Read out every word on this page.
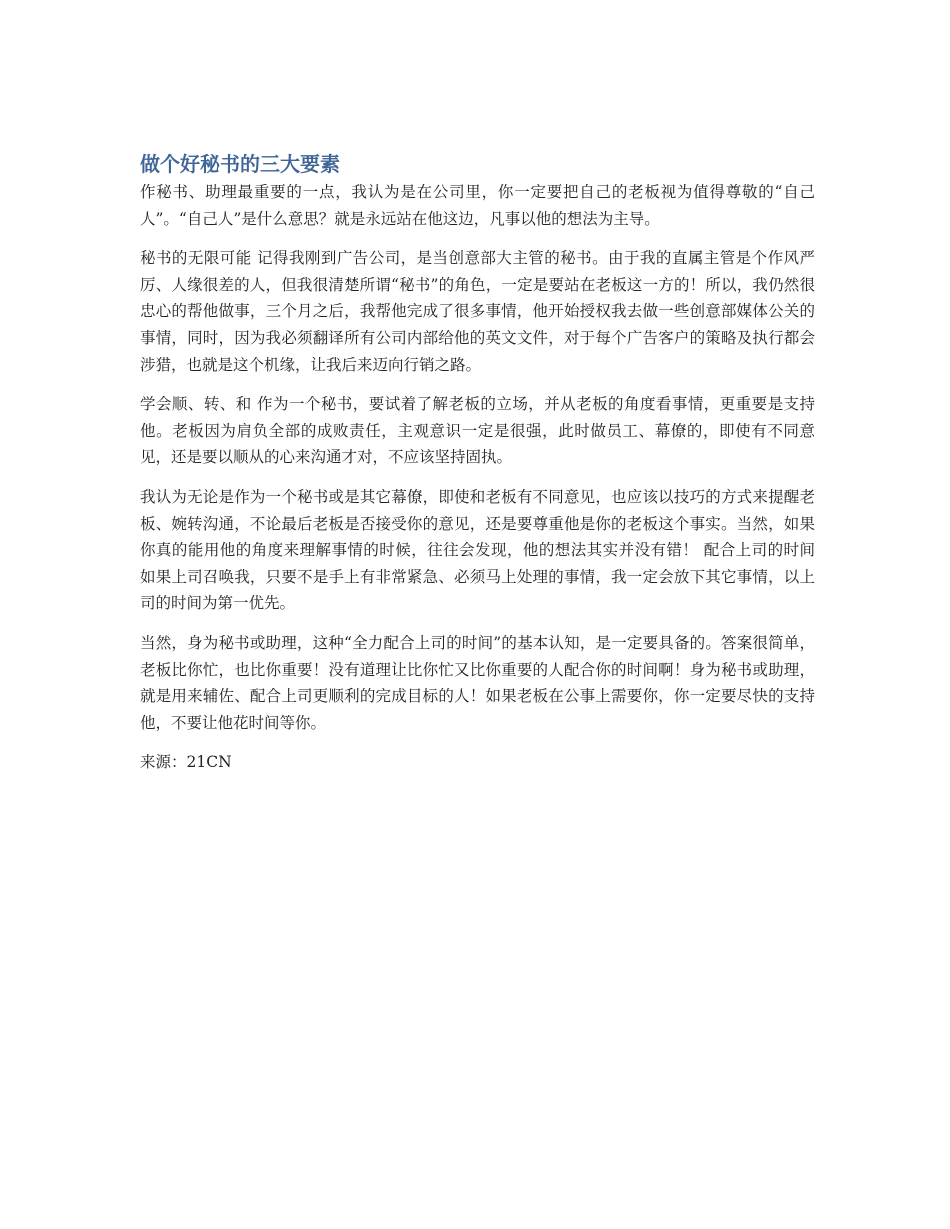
做个好秘书的三大要素

作秘书、助理最重要的一点，我认为是在公司里，你一定要把自己的老板视为值得尊敬的“自己人”。“自己人”是什么意思？就是永远站在他这边，凡事以他的想法为主导。

秘书的无限可能 记得我刚到广告公司，是当创意部大主管的秘书。由于我的直属主管是个作风严厉、人缘很差的人，但我很清楚所谓“秘书”的角色，一定是要站在老板这一方的！所以，我仍然很忠心的帮他做事，三个月之后，我帮他完成了很多事情，他开始授权我去做一些创意部媒体公关的事情，同时，因为我必须翻译所有公司内部给他的英文文件，对于每个广告客户的策略及执行都会涉猎，也就是这个机缘，让我后来迈向行销之路。

学会顺、转、和 作为一个秘书，要试着了解老板的立场，并从老板的角度看事情，更重要是支持他。老板因为肩负全部的成败责任，主观意识一定是很强，此时做员工、幕僚的，即使有不同意见，还是要以顺从的心来沟通才对，不应该坚持固执。

我认为无论是作为一个秘书或是其它幕僚，即使和老板有不同意见，也应该以技巧的方式来提醒老板、婉转沟通，不论最后老板是否接受你的意见，还是要尊重他是你的老板这个事实。当然，如果你真的能用他的角度来理解事情的时候，往往会发现，他的想法其实并没有错！ 配合上司的时间 如果上司召唤我，只要不是手上有非常紧急、必须马上处理的事情，我一定会放下其它事情，以上司的时间为第一优先。

当然，身为秘书或助理，这种“全力配合上司的时间”的基本认知，是一定要具备的。答案很简单，老板比你忙，也比你重要！没有道理让比你忙又比你重要的人配合你的时间啊！身为秘书或助理，就是用来辅佐、配合上司更顺利的完成目标的人！如果老板在公事上需要你，你一定要尽快的支持他，不要让他花时间等你。

来源：21CN
